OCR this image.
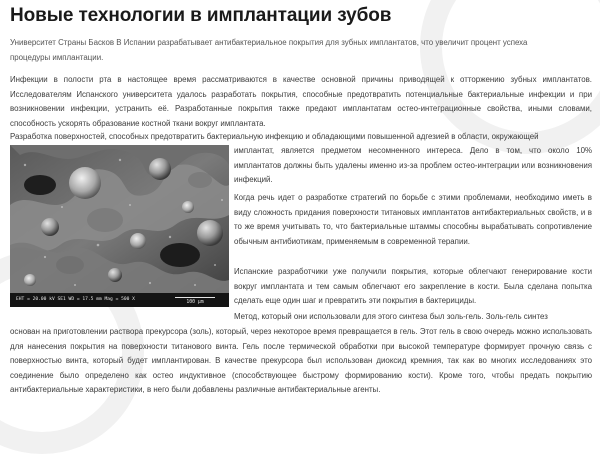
Новые технологии в имплантации зубов

Университет Страны Басков В Испании разрабатывает антибактериальное покрытия для зубных имплантатов, что увеличит процент успеха
процедуры имплантации.

Инфекции в полости рта в настоящее время рассматриваются в качестве основной причины приводящей к отторжению зубных имплантатов. Исследователям Испанского университета удалось разработать покрытия, способные предотвратить потенциальные бактериальные инфекции и при возникновении инфекции, устранить её. Разработанные покрытия также предают имплантатам остео-интеграционные свойства, иными словами, способность ускорять образование костной ткани вокруг имплантата.

Разработка поверхностей, способных предотвратить бактериальную инфекцию и обладающими повышенной адгезией в области, окружающей

EHT = 20.00 kV SE1 WD = 17.5 mm Mag = 500 X
100 µm

имплантат, является предметом несомненного интереса. Дело в том, что около 10% имплантатов должны быть удалены именно из-за проблем остео-интеграции или возникновения инфекций.

Когда речь идет о разработке стратегий по борьбе с этими проблемами, необходимо иметь в виду сложность придания поверхности титановых имплантатов антибактериальных свойств, и в то же время учитывать то, что бактериальные штаммы способны вырабатывать сопротивление обычным антибиотикам, применяемым в современной терапии.

Испанские разработчики уже получили покрытия, которые облегчают генерирование кости вокруг имплантата и тем самым облегчают его закрепление в кости. Была сделана попытка сделать еще один шаг и превратить эти покрытия в бактерициды.

Метод, который они использовали для этого синтеза был золь-гель. Золь-гель синтез

основан на приготовлении раствора прекурсора (золь), который, через некоторое время превращается в гель. Этот гель в свою очередь можно использовать для нанесения покрытия на поверхности титанового винта. Гель после термической обработки при высокой температуре формирует прочную связь с поверхностью винта, который будет имплантирован. В качестве прекурсора был использован диоксид кремния, так как во многих исследованиях это соединение было определено как остео индуктивное (способствующее быстрому формированию кости). Кроме того, чтобы предать покрытию антибактериальные характеристики, в него были добавлены различные антибактериальные агенты.
